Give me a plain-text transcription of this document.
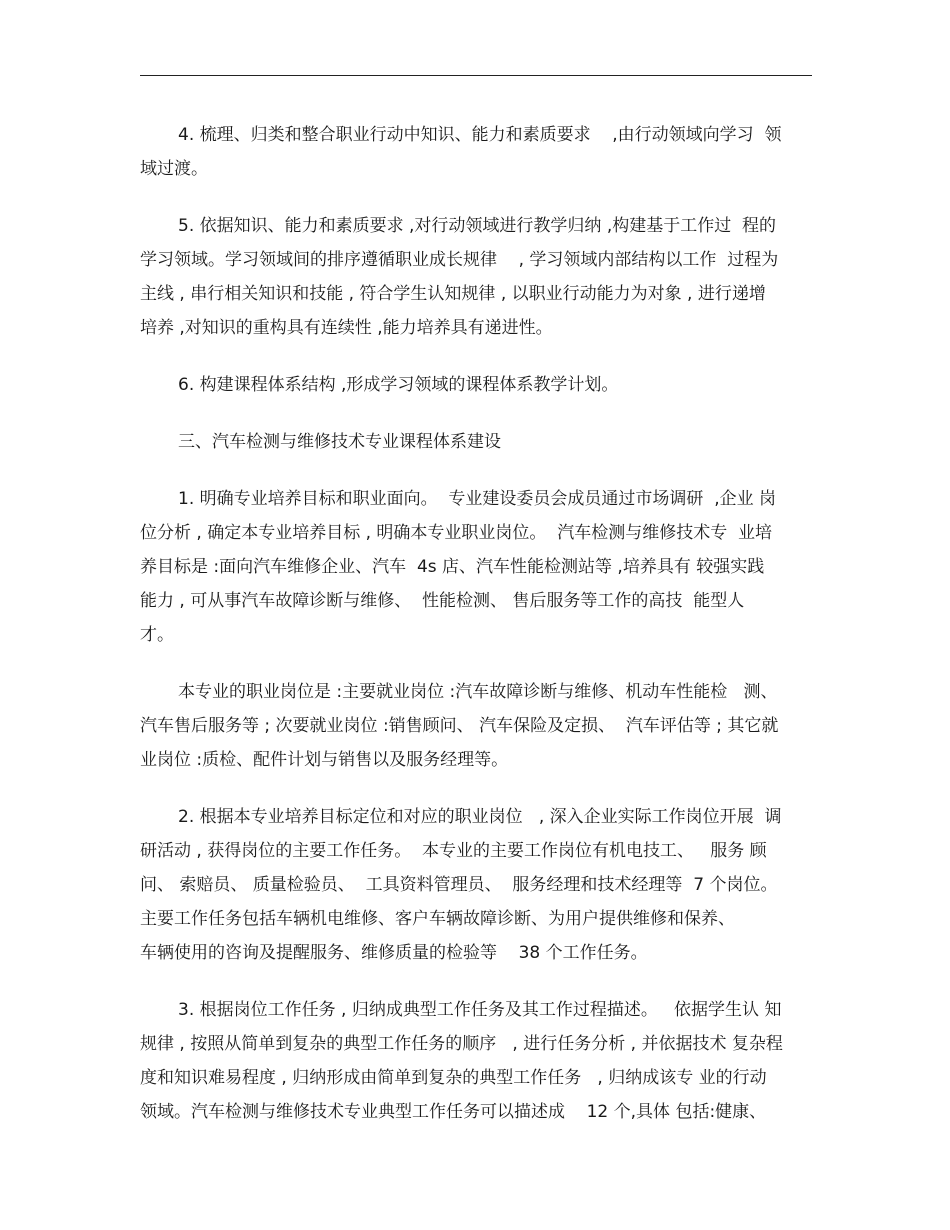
4. 梳理、归类和整合职业行动中知识、能力和素质要求    ,由行动领域向学习  领
域过渡。
5. 依据知识、能力和素质要求 ,对行动领域进行教学归纳 ,构建基于工作过  程的
学习领域。学习领域间的排序遵循职业成长规律    , 学习领域内部结构以工作  过程为
主线 , 串行相关知识和技能 , 符合学生认知规律 , 以职业行动能力为对象 , 进行递增
培养 ,对知识的重构具有连续性 ,能力培养具有递进性。
6. 构建课程体系结构 ,形成学习领域的课程体系教学计划。
三、汽车检测与维修技术专业课程体系建设
1. 明确专业培养目标和职业面向。  专业建设委员会成员通过市场调研  ,企业 岗
位分析 , 确定本专业培养目标 , 明确本专业职业岗位。  汽车检测与维修技术专  业培
养目标是 :面向汽车维修企业、汽车  4s 店、汽车性能检测站等 ,培养具有 较强实践
能力 , 可从事汽车故障诊断与维修、  性能检测、 售后服务等工作的高技  能型人
才。
本专业的职业岗位是 :主要就业岗位 :汽车故障诊断与维修、机动车性能检   测、
汽车售后服务等 ; 次要就业岗位 :销售顾问、 汽车保险及定损、  汽车评估等 ; 其它就
业岗位 :质检、配件计划与销售以及服务经理等。
2. 根据本专业培养目标定位和对应的职业岗位   , 深入企业实际工作岗位开展  调
研活动 , 获得岗位的主要工作任务。  本专业的主要工作岗位有机电技工、   服务 顾
问、 索赔员、 质量检验员、  工具资料管理员、  服务经理和技术经理等  7 个岗位。
主要工作任务包括车辆机电维修、客户车辆故障诊断、为用户提供维修和保养、
车辆使用的咨询及提醒服务、维修质量的检验等    38 个工作任务。
3. 根据岗位工作任务 , 归纳成典型工作任务及其工作过程描述。   依据学生认 知
规律 , 按照从简单到复杂的典型工作任务的顺序   , 进行任务分析 , 并依据技术 复杂程
度和知识难易程度 , 归纳形成由简单到复杂的典型工作任务   , 归纳成该专 业的行动
领域。汽车检测与维修技术专业典型工作任务可以描述成    12 个,具体 包括:健康、
